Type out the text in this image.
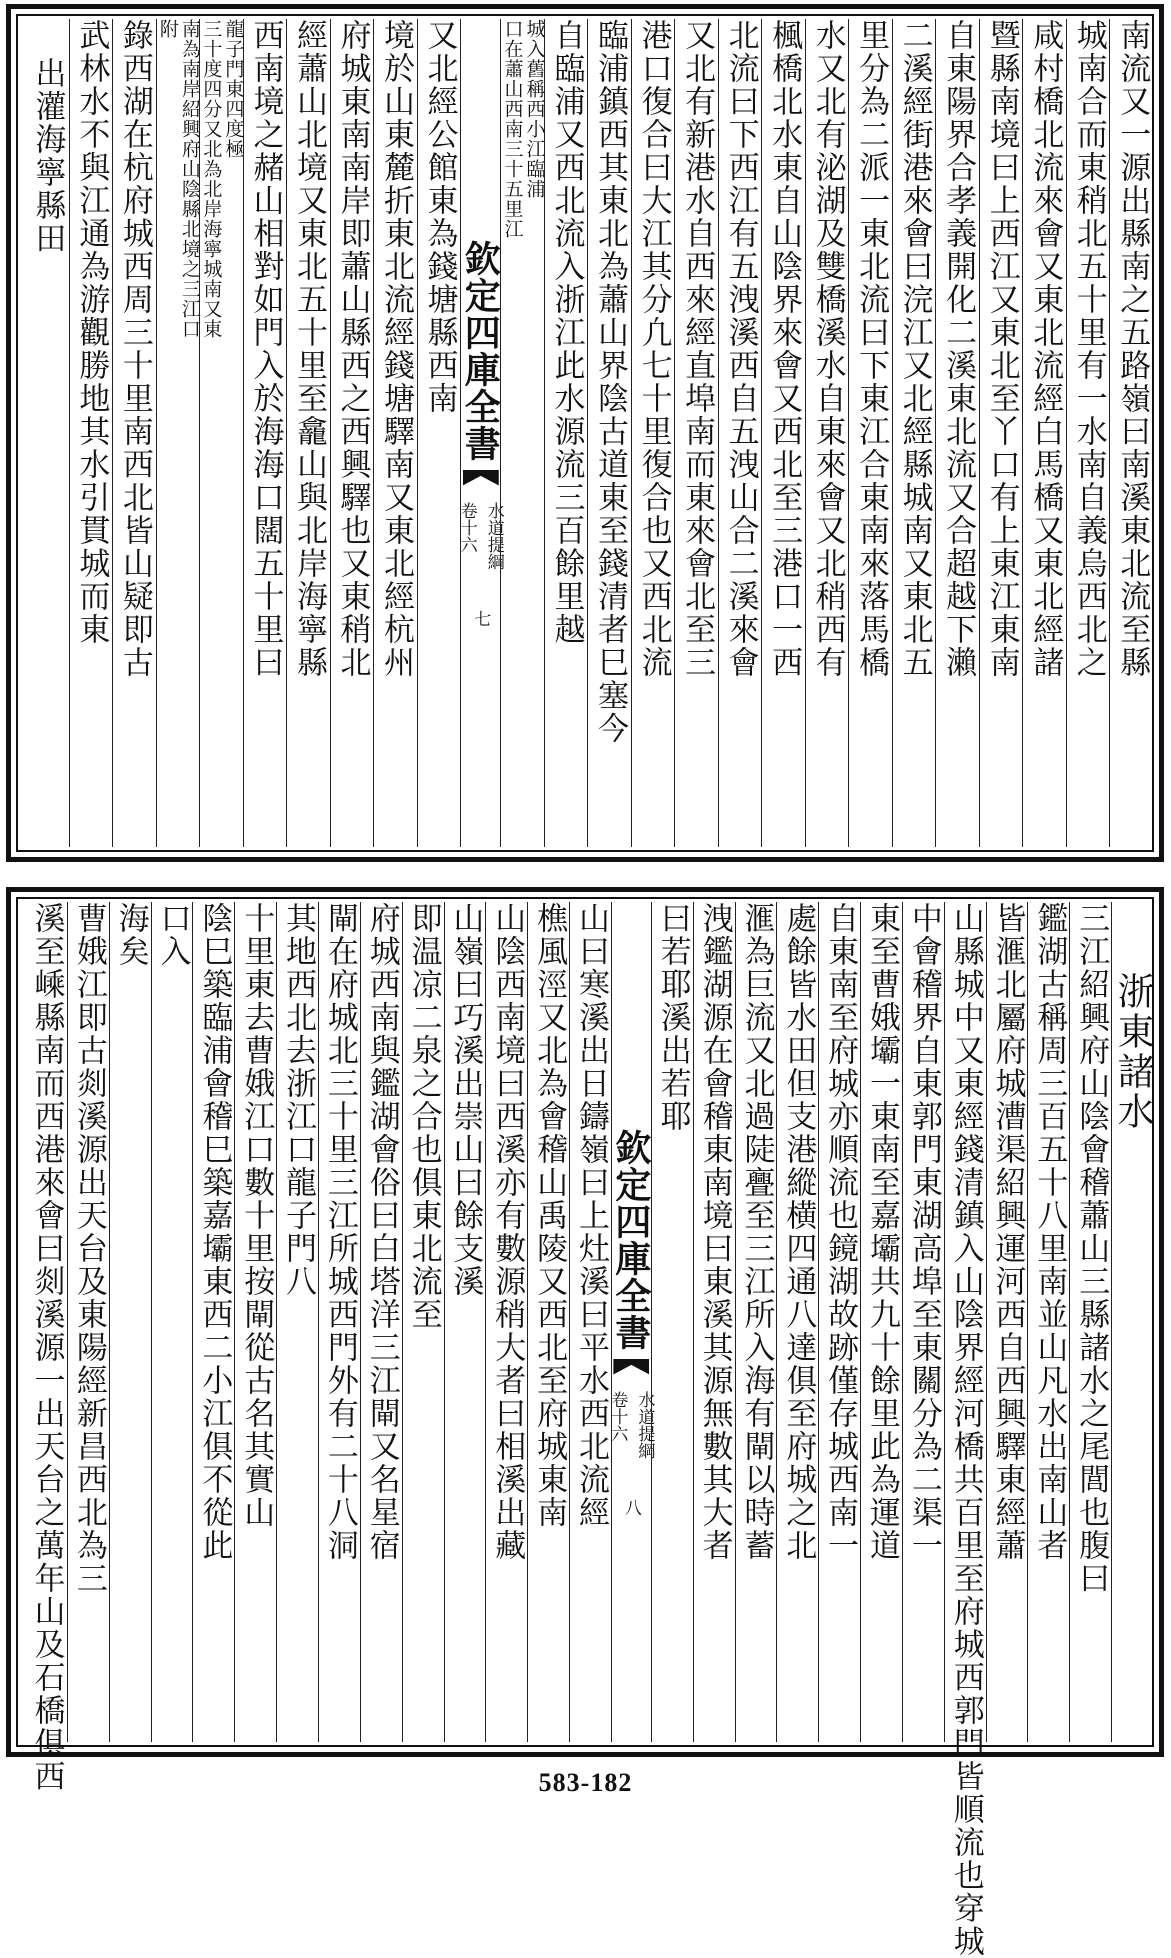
南流又一源出縣南之五路嶺曰南溪東北流至縣
城南合而東稍北五十里有一水南自義烏西北之
咸村橋北流來會又東北流經白馬橋又東北經諸
暨縣南境曰上西江又東北至丫口有上東江東南
自東陽界合孝義開化二溪東北流又合超越下瀨
二溪經街港來會曰浣江又北經縣城南又東北五
里分為二派一東北流曰下東江合東南來落馬橋
水又北有泌湖及雙橋溪水自東來會又北稍西有
楓橋北水東自山陰界來會又西北至三港口一西
北流曰下西江有五洩溪西自五洩山合二溪來會
又北有新港水自西來經直埠南而東來會北至三
港口復合曰大江其分凢七十里復合也又西北流
臨浦鎮西其東北為蕭山界陰古道東至錢清者巳塞今
自臨浦又西北流入浙江此水源流三百餘里越
城入舊稱西小江臨浦
口在蕭山西南三十五里江
欽定四庫全書
水道提綱
卷十六
七
又北經公館東為錢塘縣西南
境於山東麓折東北流經錢塘驛南又東北經杭州
府城東南南岸即蕭山縣西之西興驛也又東稍北
經蕭山北境又東北五十里至龕山與北岸海寧縣
西南境之赭山相對如門入於海海口闊五十里曰
龍子門東四度極
三十度四分又北為北岸海寧城南又東
南為南岸紹興府山陰縣北境之三江口
附
錄西湖在杭府城西周三十里南西北皆山疑即古
武林水不與江通為游觀勝地其水引貫城而東
出灌海寧縣田
浙東諸水
三江紹興府山陰會稽蕭山三縣諸水之尾閭也腹曰
鑑湖古稱周三百五十八里南並山凡水出南山者
皆滙北屬府城漕渠紹興運河西自西興驛東經蕭
山縣城中又東經錢清鎮入山陰界經河橋共百里至府城西郭門皆順流也穿城
中會稽界自東郭門東湖高埠至東關分為二渠一
東至曹娥壩一東南至嘉壩共九十餘里此為運道
自東南至府城亦順流也鏡湖故跡僅存城西南一
處餘皆水田但支港縱横四通八達俱至府城之北
滙為巨流又北過陡亹至三江所入海有閘以時蓄
洩鑑湖源在會稽東南境曰東溪其源無數其大者
曰若耶溪出若耶
欽定四庫全書
水道提綱
卷十六
八
山曰寒溪出日鑄嶺曰上灶溪曰平水西北流經
樵風涇又北為會稽山禹陵又西北至府城東南
山陰西南境曰西溪亦有數源稍大者曰相溪出藏
山嶺曰巧溪出崇山曰餘支溪
即温凉二泉之合也俱東北流至
府城西南與鑑湖會俗曰白塔洋三江閘又名星宿
閘在府城北三十里三江所城西門外有二十八洞
其地西北去浙江口龍子門八
十里東去曹娥江口數十里按閘從古名其實山
陰巳築臨浦會稽巳築嘉壩東西二小江俱不從此
口入
海矣
曹娥江即古剡溪源出天台及東陽經新昌西北為三
溪至嵊縣南而西港來會曰剡溪源一出天台之萬年山及石橋俱西	583-182
